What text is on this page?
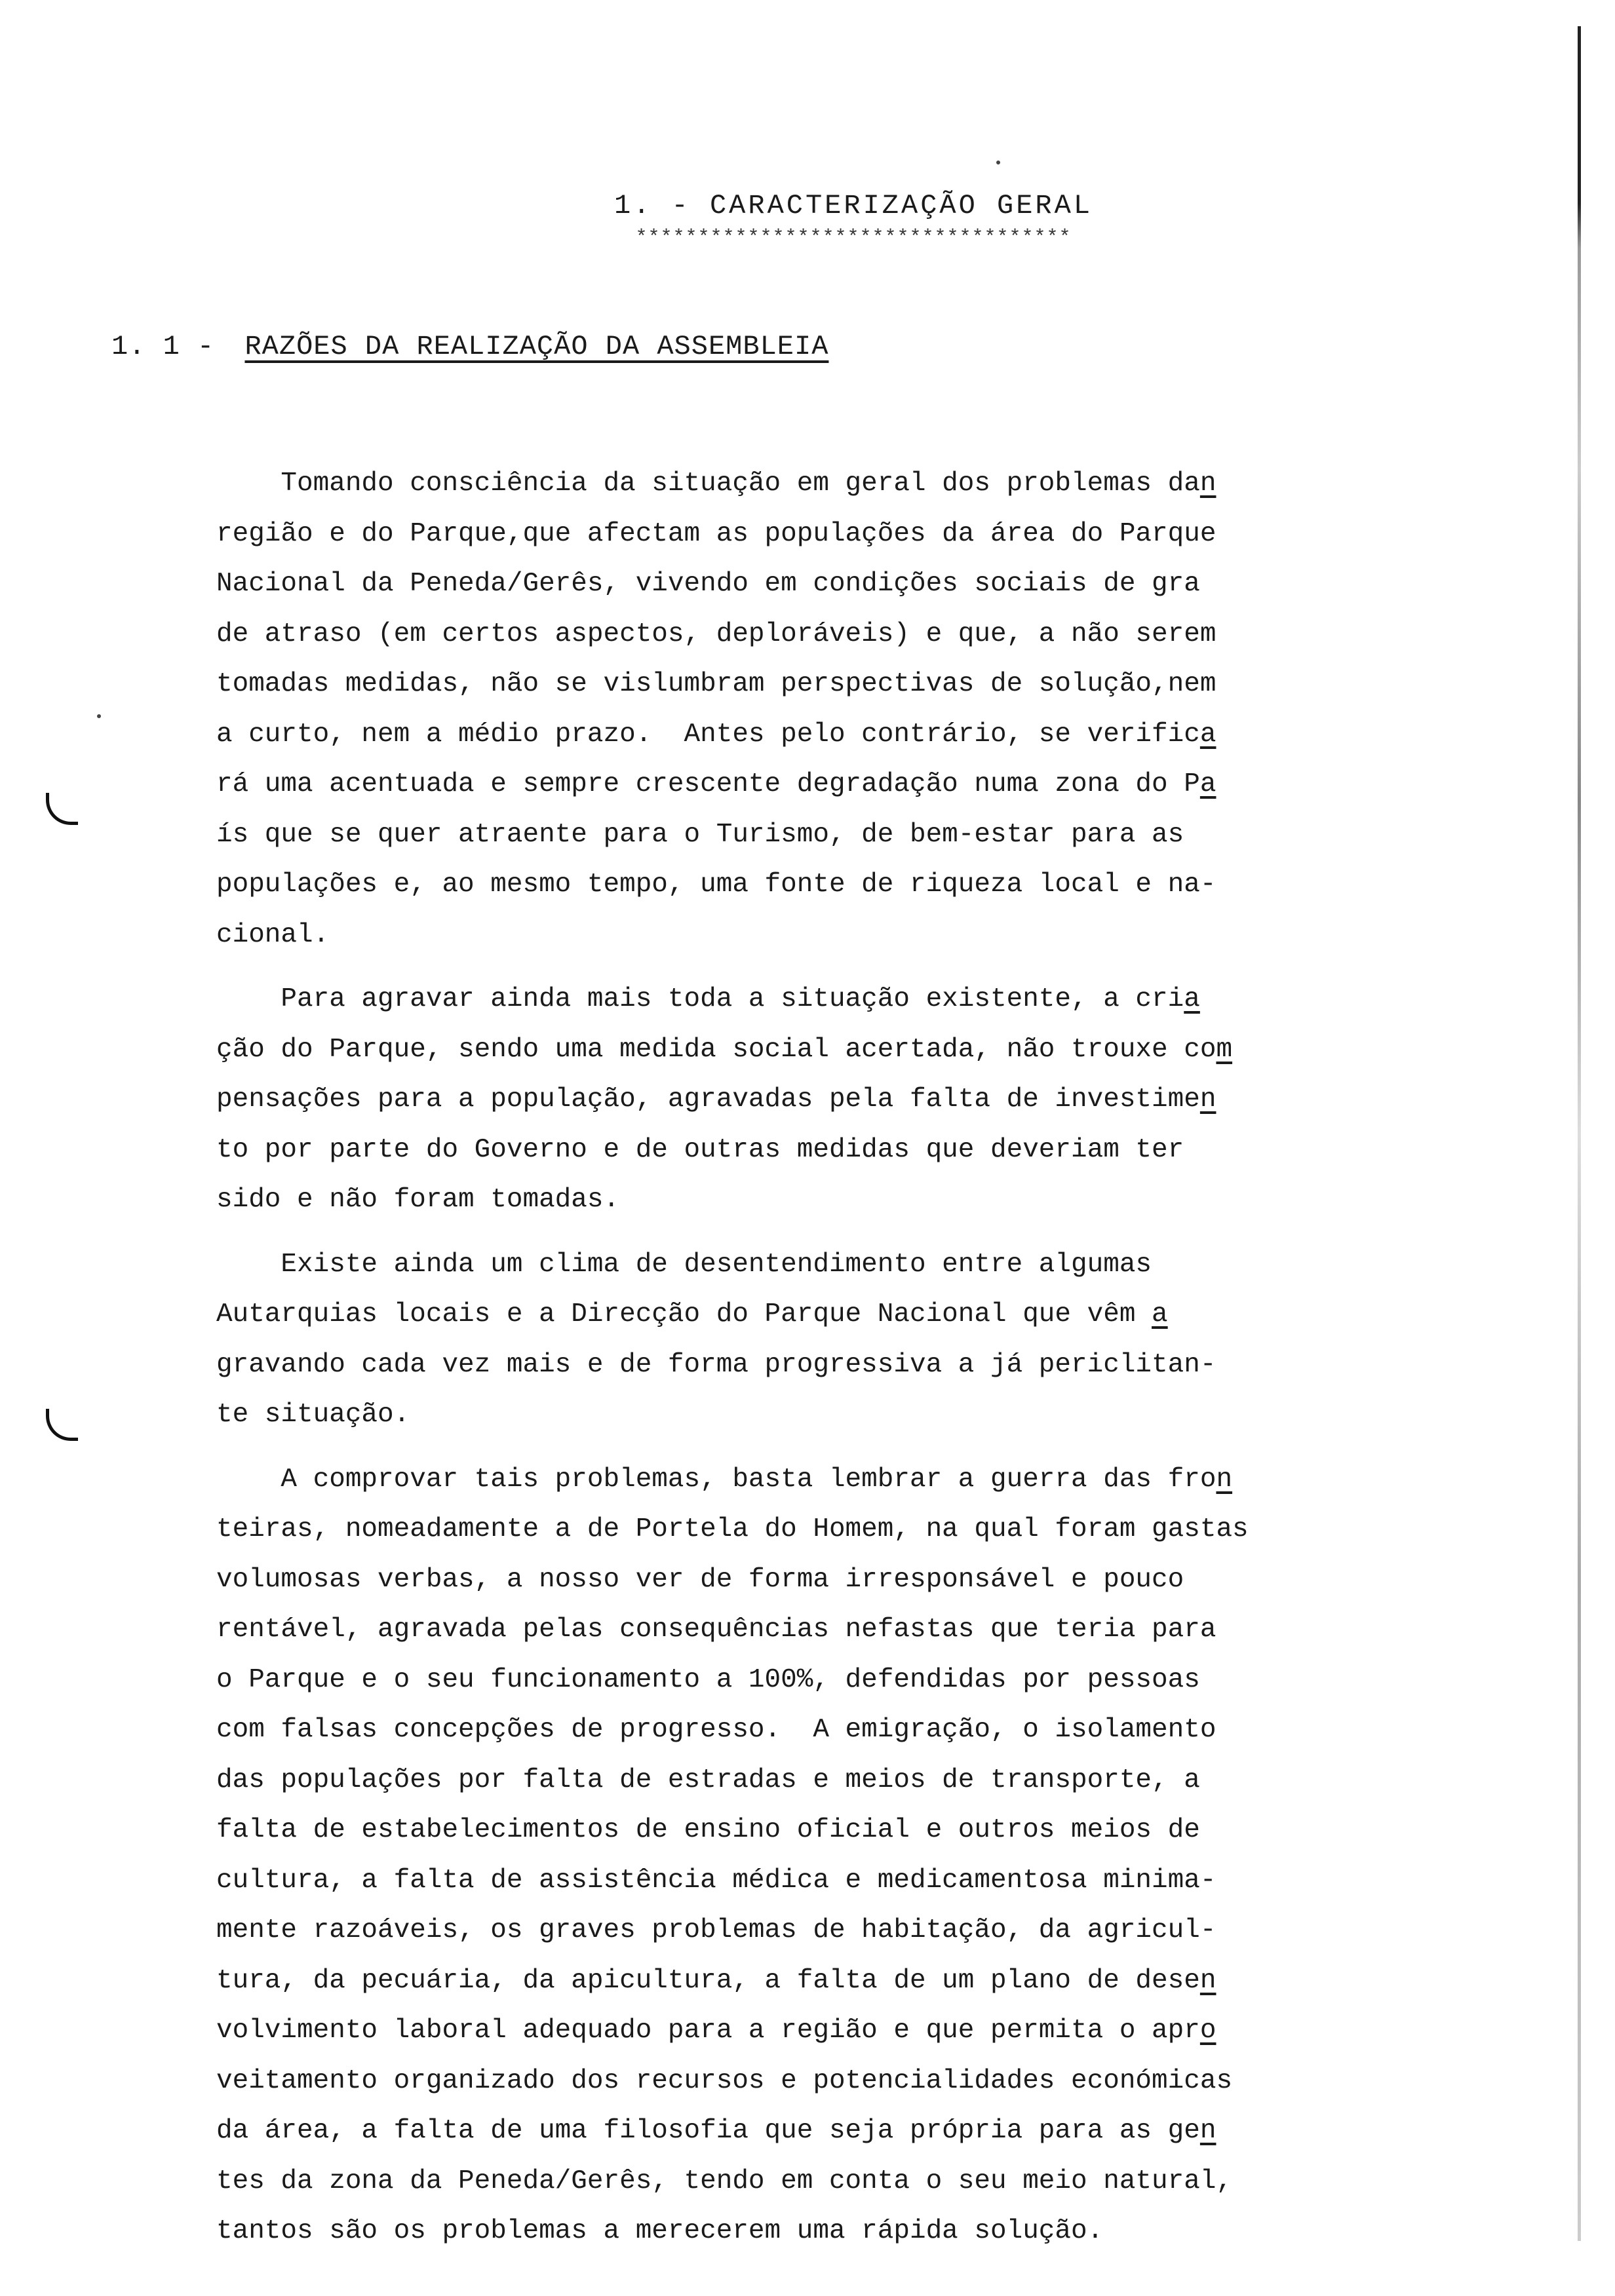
1. - CARACTERIZAÇÃO GERAL
***********************************
1. 1 - RAZÕES DA REALIZAÇÃO DA ASSEMBLEIA
Tomando consciência da situação em geral dos problemas dan
região e do Parque,que afectam as populações da área do Parque
Nacional da Peneda/Gerês, vivendo em condições sociais de gra
de atraso (em certos aspectos, deploráveis) e que, a não serem
tomadas medidas, não se vislumbram perspectivas de solução,nem
a curto, nem a médio prazo.  Antes pelo contrário, se verifica
rá uma acentuada e sempre crescente degradação numa zona do Pa
ís que se quer atraente para o Turismo, de bem-estar para as
populações e, ao mesmo tempo, uma fonte de riqueza local e na-
cional.
Para agravar ainda mais toda a situação existente, a cria
ção do Parque, sendo uma medida social acertada, não trouxe com
pensações para a população, agravadas pela falta de investimen
to por parte do Governo e de outras medidas que deveriam ter
sido e não foram tomadas.
Existe ainda um clima de desentendimento entre algumas
Autarquias locais e a Direcção do Parque Nacional que vêm a
gravando cada vez mais e de forma progressiva a já periclitan-
te situação.
A comprovar tais problemas, basta lembrar a guerra das fron
teiras, nomeadamente a de Portela do Homem, na qual foram gastas
volumosas verbas, a nosso ver de forma irresponsável e pouco
rentável, agravada pelas consequências nefastas que teria para
o Parque e o seu funcionamento a 100%, defendidas por pessoas
com falsas concepções de progresso.  A emigração, o isolamento
das populações por falta de estradas e meios de transporte, a
falta de estabelecimentos de ensino oficial e outros meios de
cultura, a falta de assistência médica e medicamentosa minima-
mente razoáveis, os graves problemas de habitação, da agricul-
tura, da pecuária, da apicultura, a falta de um plano de desen
volvimento laboral adequado para a região e que permita o apro
veitamento organizado dos recursos e potencialidades económicas
da área, a falta de uma filosofia que seja própria para as gen
tes da zona da Peneda/Gerês, tendo em conta o seu meio natural,
tantos são os problemas a merecerem uma rápida solução.
